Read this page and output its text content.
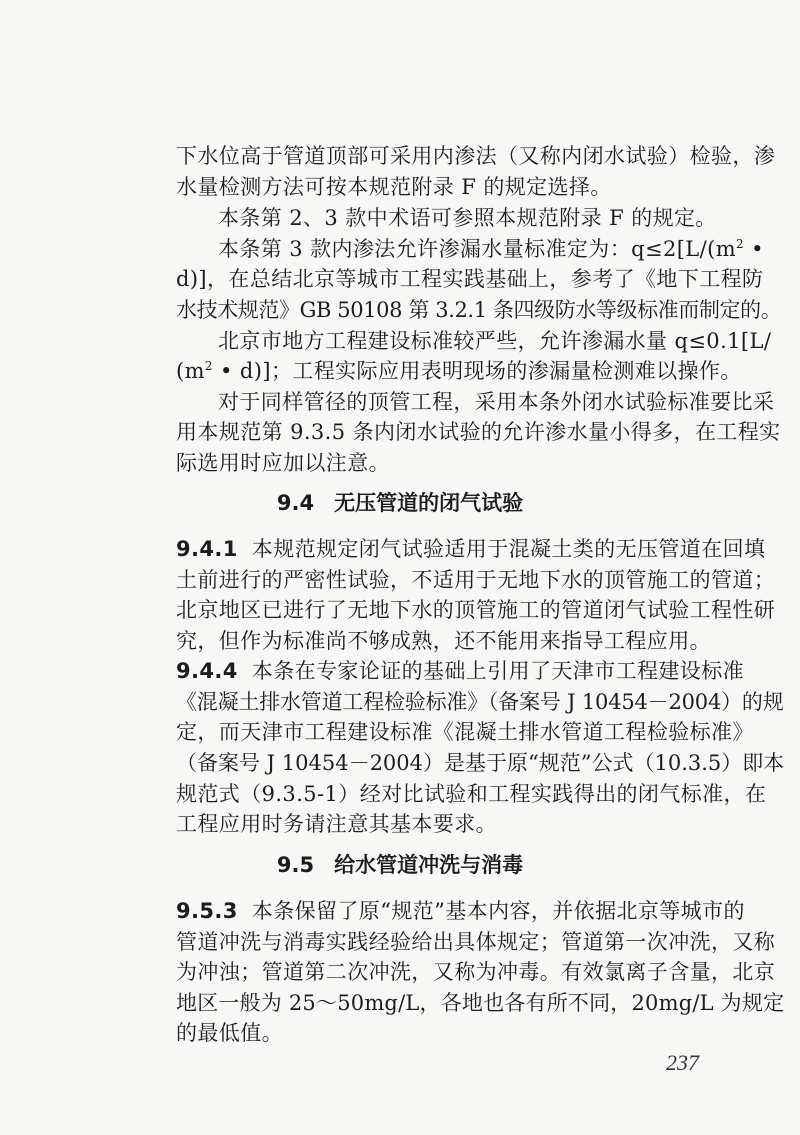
下水位高于管道顶部可采用内渗法（又称内闭水试验）检验，渗
水量检测方法可按本规范附录 F 的规定选择。
本条第 2、3 款中术语可参照本规范附录 F 的规定。
本条第 3 款内渗法允许渗漏水量标准定为：$q\le 2[L/(m^2$ •
d)]，在总结北京等城市工程实践基础上，参考了《地下工程防
水技术规范》GB 50108 第 3.2.1 条四级防水等级标准而制定的。
北京市地方工程建设标准较严些，允许渗漏水量 q≤0.1[L/
($m^2$ • d)]；工程实际应用表明现场的渗漏量检测难以操作。
对于同样管径的顶管工程，采用本条外闭水试验标准要比采
用本规范第 9.3.5 条内闭水试验的允许渗水量小得多，在工程实
际选用时应加以注意。
9.4 无压管道的闭气试验
9.4.1 本规范规定闭气试验适用于混凝土类的无压管道在回填
土前进行的严密性试验，不适用于无地下水的顶管施工的管道；
北京地区已进行了无地下水的顶管施工的管道闭气试验工程性研
究，但作为标准尚不够成熟，还不能用来指导工程应用。
9.4.4 本条在专家论证的基础上引用了天津市工程建设标准
《混凝土排水管道工程检验标准》（备案号 J 10454－2004）的规
定，而天津市工程建设标准《混凝土排水管道工程检验标准》
（备案号 J 10454－2004）是基于原“规范”公式（10.3.5）即本
规范式（9.3.5-1）经对比试验和工程实践得出的闭气标准，在
工程应用时务请注意其基本要求。
9.5 给水管道冲洗与消毒
9.5.3 本条保留了原“规范”基本内容，并依据北京等城市的
管道冲洗与消毒实践经验给出具体规定；管道第一次冲洗，又称
为冲浊；管道第二次冲洗，又称为冲毒。有效氯离子含量，北京
地区一般为 25～50mg/L，各地也各有所不同，20mg/L 为规定
的最低值。
237
